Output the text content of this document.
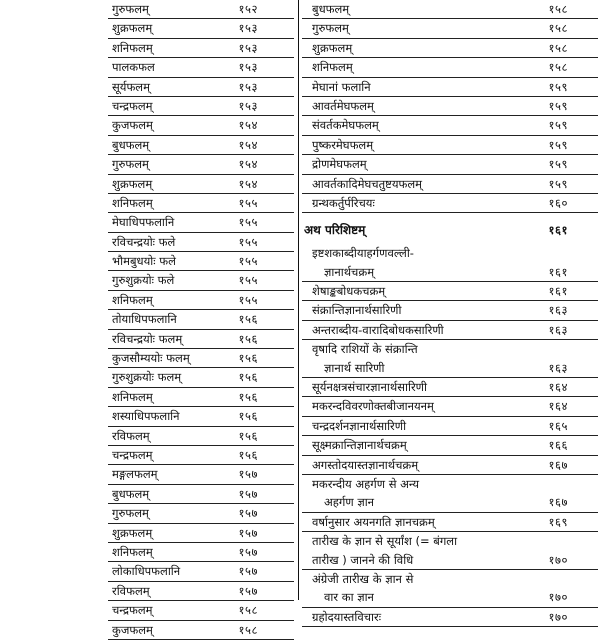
गुरुफलम्	१५२
शुक्रफलम्	१५३
शनिफलम्	१५३
पालकफल	१५३
सूर्यफलम्	१५३
चन्द्रफलम्	१५३
कुजफलम्	१५४
बुधफलम्	१५४
गुरुफलम्	१५४
शुक्रफलम्	१५४
शनिफलम्	१५५
मेघाधिपफलानि	१५५
रविचन्द्रयोः फले	१५५
भौमबुधयोः फले	१५५
गुरुशुक्रयोः फले	१५५
शनिफलम्	१५५
तोयाधिपफलानि	१५६
रविचन्द्रयोः फलम्	१५६
कुजसौम्ययोः फलम्	१५६
गुरुशुक्रयोः फलम्	१५६
शनिफलम्	१५६
शस्याधिपफलानि	१५६
रविफलम्	१५६
चन्द्रफलम्	१५६
मङ्गलफलम्	१५७
बुधफलम्	१५७
गुरुफलम्	१५७
शुक्रफलम्	१५७
शनिफलम्	१५७
लोकाधिपफलानि	१५७
रविफलम्	१५७
चन्द्रफलम्	१५८
कुजफलम्	१५८
बुधफलम्	१५८
गुरुफलम्	१५८
शुक्रफलम्	१५८
शनिफलम्	१५८
मेघानां फलानि	१५९
आवर्तमेघफलम्	१५९
संवर्तकमेघफलम्	१५९
पुष्करमेघफलम्	१५९
द्रोणमेघफलम्	१५९
आवर्तकादिमेघचतुष्टयफलम्	१५९
ग्रन्थकर्तुर्परिचयः	१६०
अथ परिशिष्टम्	१६१
इष्टशकाब्दीयाहर्गणवल्ली-
ज्ञानार्थचक्रम्	१६१
शेषाङ्कबोधकचक्रम्	१६१
संक्रान्तिज्ञानार्थसारिणी	१६३
अन्तराब्दीय-वारादिबोधकसारिणी	१६३
वृषादि राशियों के संक्रान्ति
ज्ञानार्थ सारिणी	१६३
सूर्यनक्षत्रसंचारज्ञानार्थसारिणी	१६४
मकरन्दविवरणोक्तबीजानयनम्	१६४
चन्द्रदर्शनज्ञानार्थसारिणी	१६५
सूक्ष्मक्रान्तिज्ञानार्थचक्रम्	१६६
अगस्तोदयास्तज्ञानार्थचक्रम्	१६७
मकरन्दीय अहर्गण से अन्य
अहर्गण ज्ञान	१६७
वर्षानुसार अयनगति ज्ञानचक्रम्	१६९
तारीख के ज्ञान से सूर्यांश (= बंगला
तारीख ) जानने की विधि	१७०
अंग्रेजी तारीख के ज्ञान से
वार का ज्ञान	१७०
ग्रहोदयास्तविचारः	१७०
